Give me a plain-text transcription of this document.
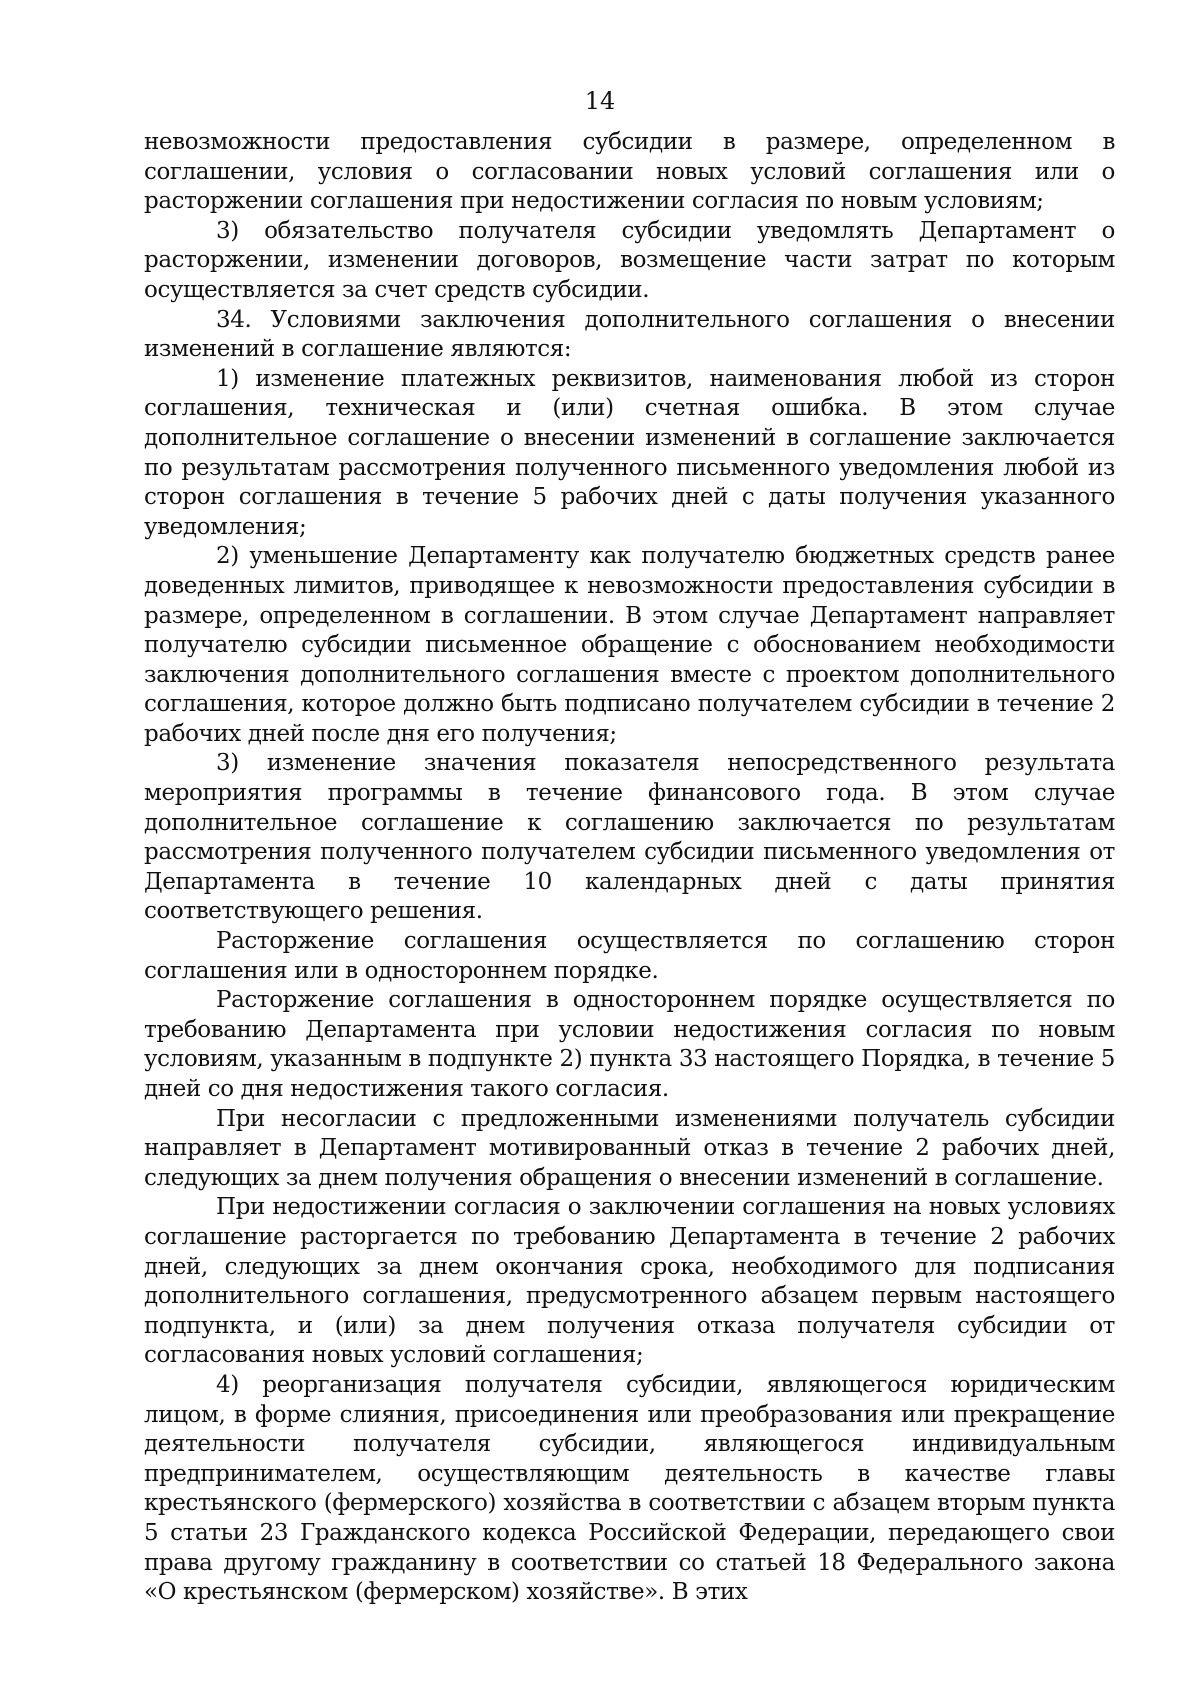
14

невозможности предоставления субсидии в размере, определенном в соглашении, условия о согласовании новых условий соглашения или о расторжении соглашения при недостижении согласия по новым условиям;

3) обязательство получателя субсидии уведомлять Департамент о расторжении, изменении договоров, возмещение части затрат по которым осуществляется за счет средств субсидии.

34. Условиями заключения дополнительного соглашения о внесении изменений в соглашение являются:

1) изменение платежных реквизитов, наименования любой из сторон соглашения, техническая и (или) счетная ошибка. В этом случае дополнительное соглашение о внесении изменений в соглашение заключается по результатам рассмотрения полученного письменного уведомления любой из сторон соглашения в течение 5 рабочих дней с даты получения указанного уведомления;

2) уменьшение Департаменту как получателю бюджетных средств ранее доведенных лимитов, приводящее к невозможности предоставления субсидии в размере, определенном в соглашении. В этом случае Департамент направляет получателю субсидии письменное обращение с обоснованием необходимости заключения дополнительного соглашения вместе с проектом дополнительного соглашения, которое должно быть подписано получателем субсидии в течение 2 рабочих дней после дня его получения;

3) изменение значения показателя непосредственного результата мероприятия программы в течение финансового года. В этом случае дополнительное соглашение к соглашению заключается по результатам рассмотрения полученного получателем субсидии письменного уведомления от Департамента в течение 10 календарных дней с даты принятия соответствующего решения.

Расторжение соглашения осуществляется по соглашению сторон соглашения или в одностороннем порядке.

Расторжение соглашения в одностороннем порядке осуществляется по требованию Департамента при условии недостижения согласия по новым условиям, указанным в подпункте 2) пункта 33 настоящего Порядка, в течение 5 дней со дня недостижения такого согласия.

При несогласии с предложенными изменениями получатель субсидии направляет в Департамент мотивированный отказ в течение 2 рабочих дней, следующих за днем получения обращения о внесении изменений в соглашение.

При недостижении согласия о заключении соглашения на новых условиях соглашение расторгается по требованию Департамента в течение 2 рабочих дней, следующих за днем окончания срока, необходимого для подписания дополнительного соглашения, предусмотренного абзацем первым настоящего подпункта, и (или) за днем получения отказа получателя субсидии от согласования новых условий соглашения;

4) реорганизация получателя субсидии, являющегося юридическим лицом, в форме слияния, присоединения или преобразования или прекращение деятельности получателя субсидии, являющегося индивидуальным предпринимателем, осуществляющим деятельность в качестве главы крестьянского (фермерского) хозяйства в соответствии с абзацем вторым пункта 5 статьи 23 Гражданского кодекса Российской Федерации, передающего свои права другому гражданину в соответствии со статьей 18 Федерального закона «О крестьянском (фермерском) хозяйстве». В этих
